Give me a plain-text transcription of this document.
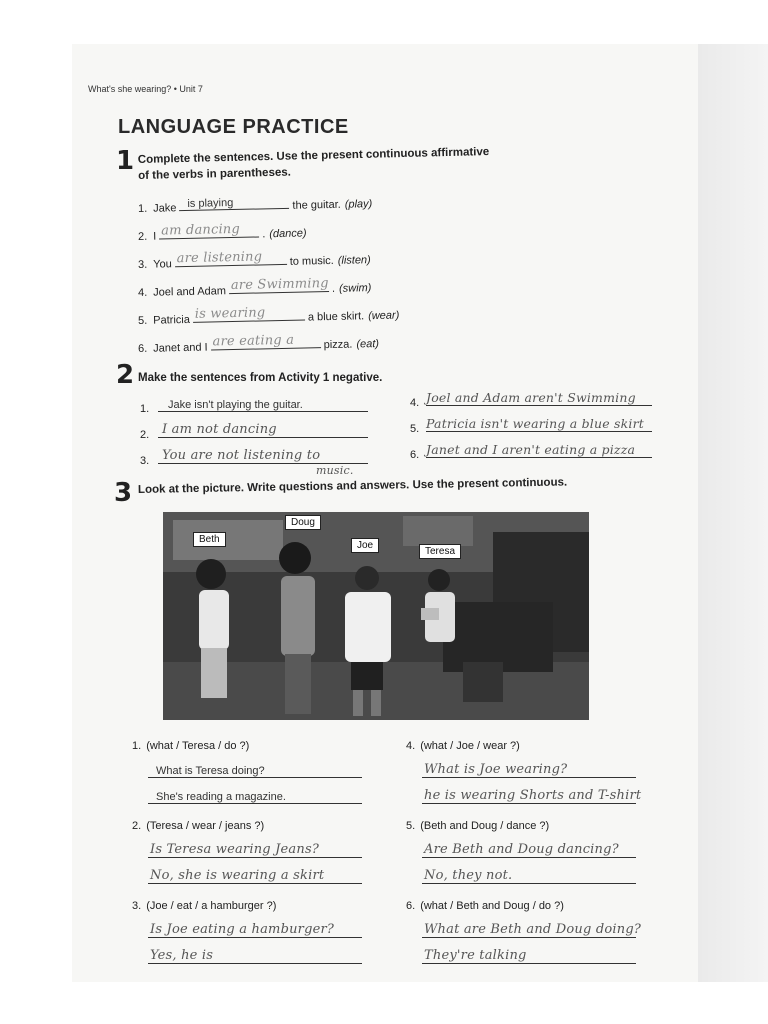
What's she wearing? • Unit 7
LANGUAGE PRACTICE
1 Complete the sentences. Use the present continuous affirmative
of the verbs in parentheses.
1. Jake is playing	the guitar. (play)
2. I am dancing . (dance)
3. You are listening to music. (listen)
4. Joel and Adam are Swimming . (swim)
5. Patricia is wearing	a blue skirt. (wear)
6. Janet and I are eating a	pizza. (eat)
2 Make the sentences from Activity 1 negative.
1.	Jake isn't playing the guitar.
2. I am not dancing
3. You are not listening to
music.
4. Joel and Adam aren't Swimming
5. Patricia isn't wearing a blue skirt
6. Janet and I aren't eating a pizza
3 Look at the picture. Write questions and answers. Use the present continuous.
Beth
Doug
Joe
Teresa
1. (what / Teresa / do ?)
What is Teresa doing?
She's reading a magazine.
2. (Teresa / wear / jeans ?)
Is Teresa wearing Jeans?
No, she is wearing a skirt
3. (Joe / eat / a hamburger ?)
Is Joe eating a hamburger?
Yes, he is
4. (what / Joe / wear ?)
What is Joe wearing?
he is wearing Shorts and T-shirt
5. (Beth and Doug / dance ?)
Are Beth and Doug dancing?
No, they not.
6. (what / Beth and Doug / do ?)
What are Beth and Doug doing?
They're talking
